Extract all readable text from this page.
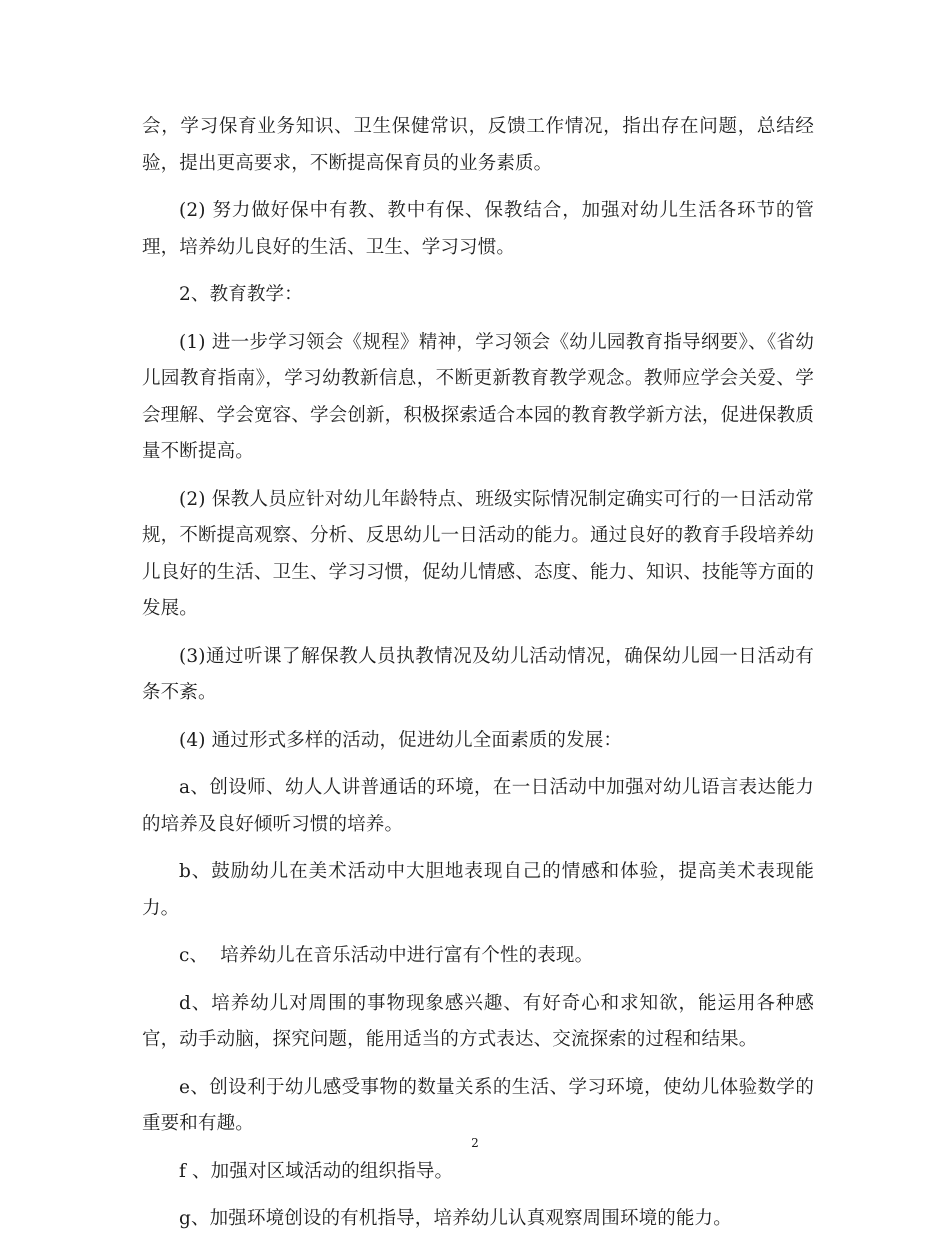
会，学习保育业务知识、卫生保健常识，反馈工作情况，指出存在问题，总结经验，提出更高要求，不断提高保育员的业务素质。

(2) 努力做好保中有教、教中有保、保教结合，加强对幼儿生活各环节的管理，培养幼儿良好的生活、卫生、学习习惯。

2、教育教学：

(1) 进一步学习领会《规程》精神，学习领会《幼儿园教育指导纲要》、《省幼儿园教育指南》，学习幼教新信息，不断更新教育教学观念。教师应学会关爱、学会理解、学会宽容、学会创新，积极探索适合本园的教育教学新方法，促进保教质量不断提高。

(2) 保教人员应针对幼儿年龄特点、班级实际情况制定确实可行的一日活动常规，不断提高观察、分析、反思幼儿一日活动的能力。通过良好的教育手段培养幼儿良好的生活、卫生、学习习惯，促幼儿情感、态度、能力、知识、技能等方面的发展。

(3)通过听课了解保教人员执教情况及幼儿活动情况，确保幼儿园一日活动有条不紊。

(4) 通过形式多样的活动，促进幼儿全面素质的发展：

a、创设师、幼人人讲普通话的环境，在一日活动中加强对幼儿语言表达能力的培养及良好倾听习惯的培养。

b、鼓励幼儿在美术活动中大胆地表现自己的情感和体验，提高美术表现能力。

c、  培养幼儿在音乐活动中进行富有个性的表现。

d、培养幼儿对周围的事物现象感兴趣、有好奇心和求知欲，能运用各种感官，动手动脑，探究问题，能用适当的方式表达、交流探索的过程和结果。

e、创设利于幼儿感受事物的数量关系的生活、学习环境，使幼儿体验数学的重要和有趣。

f 、加强对区域活动的组织指导。

g、加强环境创设的有机指导，培养幼儿认真观察周围环境的能力。

2
